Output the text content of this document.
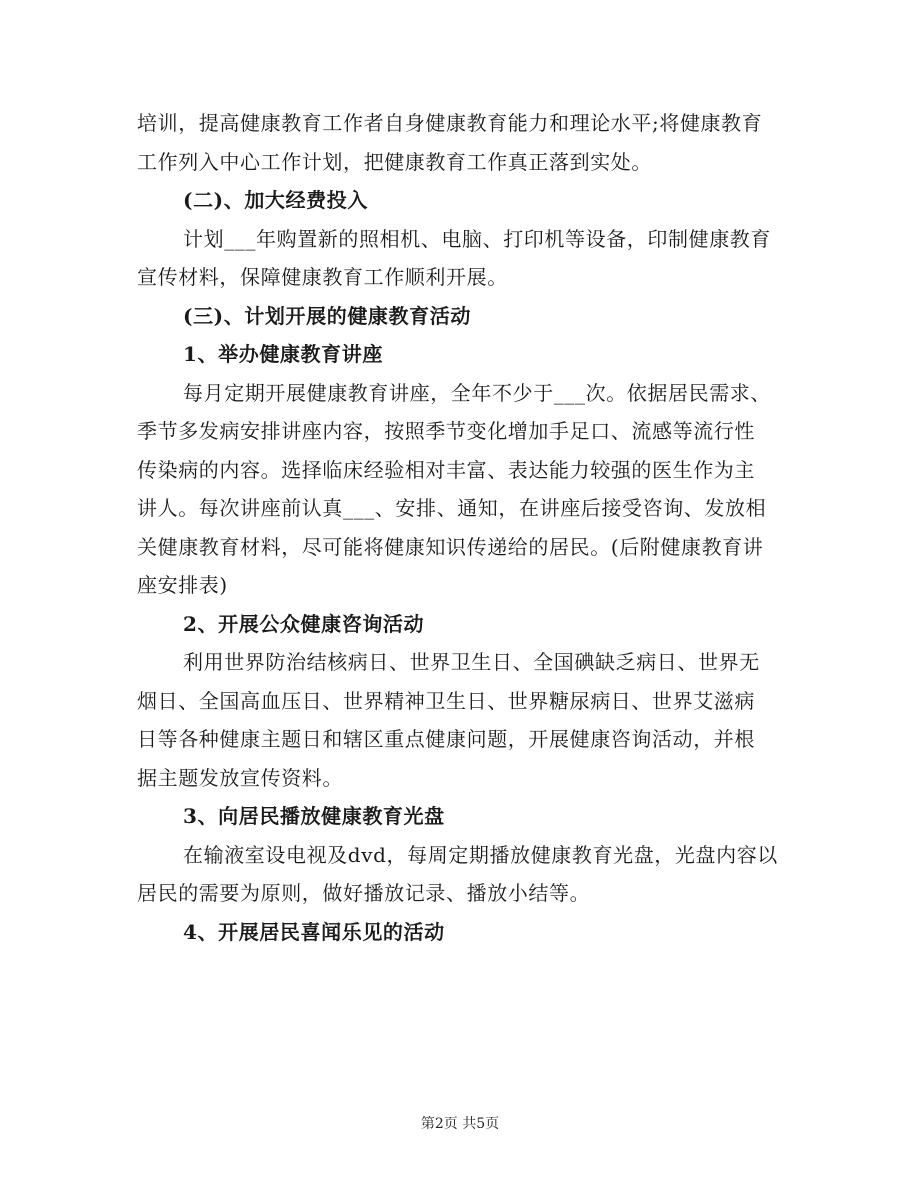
培训，提高健康教育工作者自身健康教育能力和理论水平;将健康教育
工作列入中心工作计划，把健康教育工作真正落到实处。
(二)、加大经费投入
计划___年购置新的照相机、电脑、打印机等设备，印制健康教育
宣传材料，保障健康教育工作顺利开展。
(三)、计划开展的健康教育活动
1、举办健康教育讲座
每月定期开展健康教育讲座，全年不少于___次。依据居民需求、
季节多发病安排讲座内容，按照季节变化增加手足口、流感等流行性
传染病的内容。选择临床经验相对丰富、表达能力较强的医生作为主
讲人。每次讲座前认真___、安排、通知，在讲座后接受咨询、发放相
关健康教育材料，尽可能将健康知识传递给的居民。(后附健康教育讲
座安排表)
2、开展公众健康咨询活动
利用世界防治结核病日、世界卫生日、全国碘缺乏病日、世界无
烟日、全国高血压日、世界精神卫生日、世界糖尿病日、世界艾滋病
日等各种健康主题日和辖区重点健康问题，开展健康咨询活动，并根
据主题发放宣传资料。
3、向居民播放健康教育光盘
在输液室设电视及dvd，每周定期播放健康教育光盘，光盘内容以
居民的需要为原则，做好播放记录、播放小结等。
4、开展居民喜闻乐见的活动
第2页 共5页
